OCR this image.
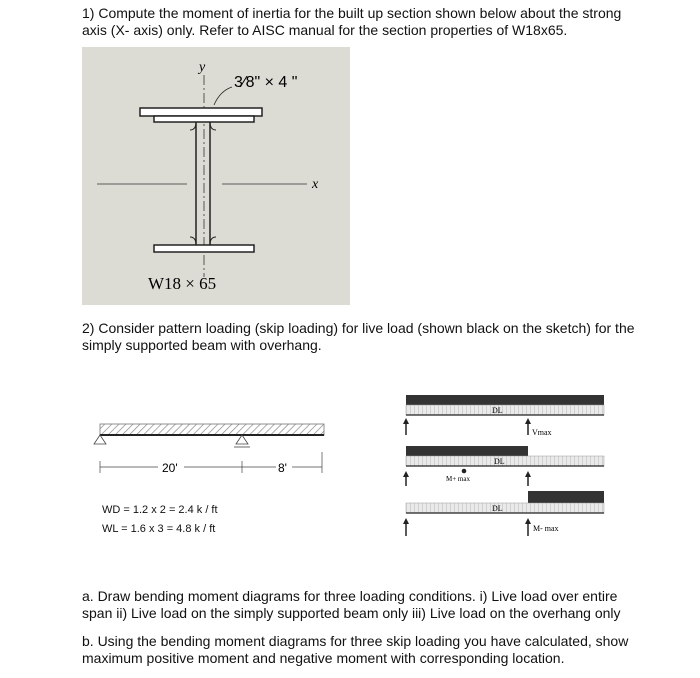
1) Compute the moment of inertia for the built up section shown below about the strong axis (X- axis) only. Refer to AISC manual for the section properties of W18x65.

y
3⁄8" × 4 "
x
W18 × 65

2) Consider pattern loading (skip loading) for live load (shown black on the sketch) for the simply supported beam with overhang.

20'	8'
WD = 1.2 x 2 = 2.4 k / ft
WL = 1.6 x 3 = 4.8 k / ft
DL
Vmax
DL
M+ max
DL
M- max

a. Draw bending moment diagrams for three loading conditions. i) Live load over entire span ii) Live load on the simply supported beam only iii) Live load on the overhang only

b. Using the bending moment diagrams for three skip loading you have calculated, show maximum positive moment and negative moment with corresponding location.
